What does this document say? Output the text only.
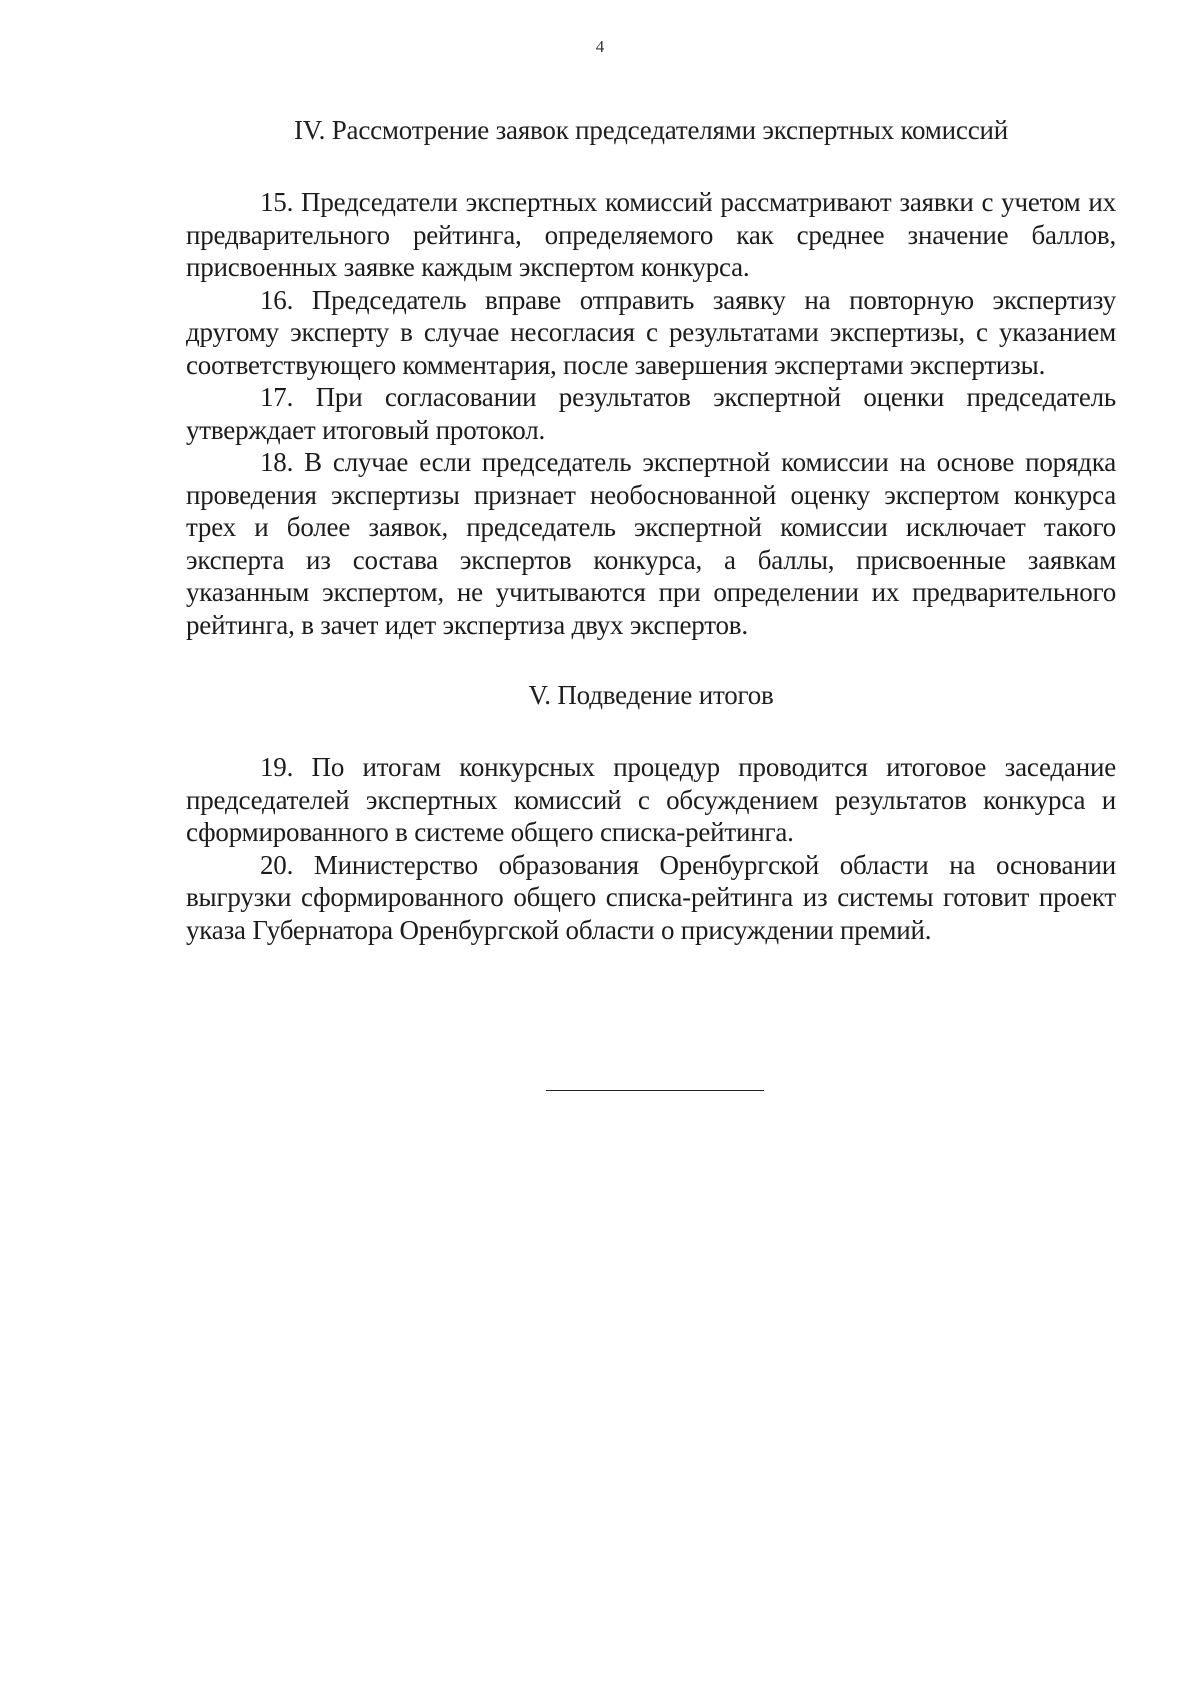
4
IV. Рассмотрение заявок председателями экспертных комиссий

15. Председатели экспертных комиссий рассматривают заявки с учетом их предварительного рейтинга, определяемого как среднее значение баллов, присвоенных заявке каждым экспертом конкурса.

16. Председатель вправе отправить заявку на повторную экспертизу другому эксперту в случае несогласия с результатами экспертизы, с указанием соответствующего комментария, после завершения экспертами экспертизы.

17. При согласовании результатов экспертной оценки председатель утверждает итоговый протокол.

18. В случае если председатель экспертной комиссии на основе порядка проведения экспертизы признает необоснованной оценку экспертом конкурса трех и более заявок, председатель экспертной комиссии исключает такого эксперта из состава экспертов конкурса, а баллы, присвоенные заявкам указанным экспертом, не учитываются при определении их предварительного рейтинга, в зачет идет экспертиза двух экспертов.

V. Подведение итогов

19. По итогам конкурсных процедур проводится итоговое заседание председателей экспертных комиссий с обсуждением результатов конкурса и сформированного в системе общего списка-рейтинга.

20. Министерство образования Оренбургской области на основании выгрузки сформированного общего списка-рейтинга из системы готовит проект указа Губернатора Оренбургской области о присуждении премий.
